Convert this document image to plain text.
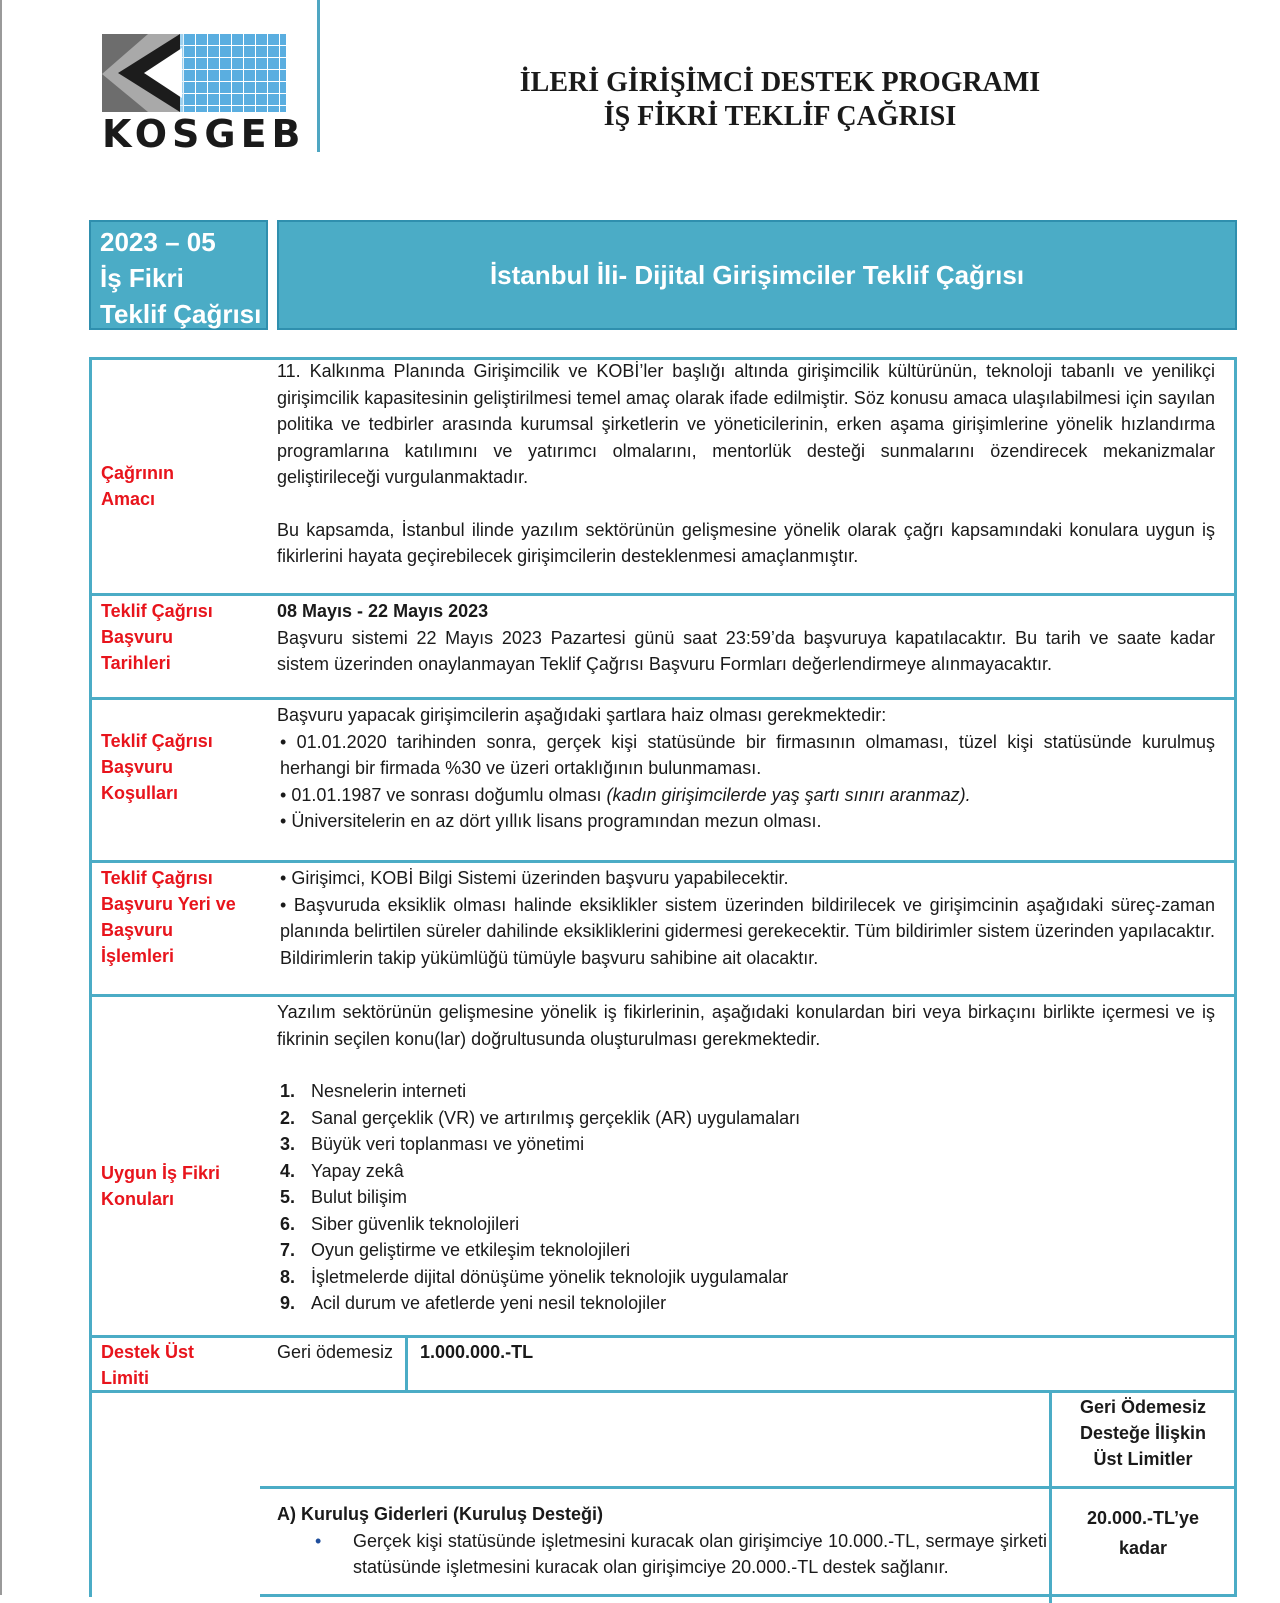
KOSGEB
İLERİ GİRİŞİMCİ DESTEK PROGRAMI
İŞ FİKRİ TEKLİF ÇAĞRISI
2023 – 05
İş Fikri
Teklif Çağrısı
İstanbul İli- Dijital Girişimciler Teklif Çağrısı
Çağrının
Amacı

11. Kalkınma Planında Girişimcilik ve KOBİ’ler başlığı altında girişimcilik kültürünün, teknoloji tabanlı ve yenilikçi girişimcilik kapasitesinin geliştirilmesi temel amaç olarak ifade edilmiştir. Söz konusu amaca ulaşılabilmesi için sayılan politika ve tedbirler arasında kurumsal şirketlerin ve yöneticilerinin, erken aşama girişimlerine yönelik hızlandırma programlarına katılımını ve yatırımcı olmalarını, mentorlük desteği sunmalarını özendirecek mekanizmalar geliştirileceği vurgulanmaktadır.

Bu kapsamda, İstanbul ilinde yazılım sektörünün gelişmesine yönelik olarak çağrı kapsamındaki konulara uygun iş fikirlerini hayata geçirebilecek girişimcilerin desteklenmesi amaçlanmıştır.

Teklif Çağrısı
Başvuru
Tarihleri

08 Mayıs - 22 Mayıs 2023

Başvuru sistemi 22 Mayıs 2023 Pazartesi günü saat 23:59’da başvuruya kapatılacaktır. Bu tarih ve saate kadar sistem üzerinden onaylanmayan Teklif Çağrısı Başvuru Formları değerlendirmeye alınmayacaktır.

Teklif Çağrısı
Başvuru
Koşulları

Başvuru yapacak girişimcilerin aşağıdaki şartlara haiz olması gerekmektedir:

• 01.01.2020 tarihinden sonra, gerçek kişi statüsünde bir firmasının olmaması, tüzel kişi statüsünde kurulmuş herhangi bir firmada %30 ve üzeri ortaklığının bulunmaması.

• 01.01.1987 ve sonrası doğumlu olması (kadın girişimcilerde yaş şartı sınırı aranmaz).

• Üniversitelerin en az dört yıllık lisans programından mezun olması.

Teklif Çağrısı
Başvuru Yeri ve
Başvuru
İşlemleri

• Girişimci, KOBİ Bilgi Sistemi üzerinden başvuru yapabilecektir.

• Başvuruda eksiklik olması halinde eksiklikler sistem üzerinden bildirilecek ve girişimcinin aşağıdaki süreç-zaman planında belirtilen süreler dahilinde eksikliklerini gidermesi gerekecektir. Tüm bildirimler sistem üzerinden yapılacaktır. Bildirimlerin takip yükümlüğü tümüyle başvuru sahibine ait olacaktır.

Uygun İş Fikri
Konuları

Yazılım sektörünün gelişmesine yönelik iş fikirlerinin, aşağıdaki konulardan biri veya birkaçını birlikte içermesi ve iş fikrinin seçilen konu(lar) doğrultusunda oluşturulması gerekmektedir.

1. Nesnelerin interneti
2. Sanal gerçeklik (VR) ve artırılmış gerçeklik (AR) uygulamaları
3. Büyük veri toplanması ve yönetimi
4. Yapay zekâ
5. Bulut bilişim
6. Siber güvenlik teknolojileri
7. Oyun geliştirme ve etkileşim teknolojileri
8. İşletmelerde dijital dönüşüme yönelik teknolojik uygulamalar
9. Acil durum ve afetlerde yeni nesil teknolojiler
Destek Üst
Limiti
Geri ödemesiz	1.000.000.-TL
Geri Ödemesiz
Desteğe İlişkin
Üst Limitler

A) Kuruluş Giderleri (Kuruluş Desteği)

• Gerçek kişi statüsünde işletmesini kuracak olan girişimciye 10.000.-TL, sermaye şirketi statüsünde işletmesini kuracak olan girişimciye 20.000.-TL destek sağlanır.

20.000.-TL’ye
kadar
